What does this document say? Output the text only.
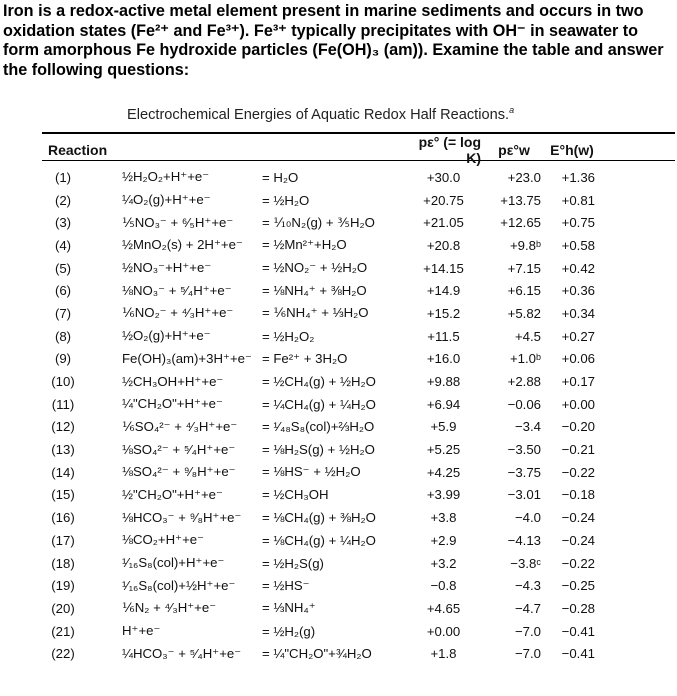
Iron is a redox-active metal element present in marine sediments and occurs in two oxidation states (Fe²⁺ and Fe³⁺). Fe³⁺ typically precipitates with OH⁻ in seawater to form amorphous Fe hydroxide particles (Fe(OH)₃ (am)). Examine the table and answer the following questions:

Electrochemical Energies of Aquatic Redox Half Reactions.$^a$
Reaction			pε° (= log K)	pε°w	E°h(w)
(1)	½H₂O₂+H⁺+e⁻	= H₂O	+30.0	+23.0	+1.36
(2)	¼O₂(g)+H⁺+e⁻	= ½H₂O	+20.75	+13.75	+0.81
(3)	⅕NO₃⁻ + ⁶⁄₅H⁺+e⁻	= ⅒N₂(g) + ⅗H₂O	+21.05	+12.65	+0.75
(4)	½MnO₂(s) + 2H⁺+e⁻	= ½Mn²⁺+H₂O	+20.8	+9.8ᵇ	+0.58
(5)	½NO₃⁻+H⁺+e⁻	= ½NO₂⁻ + ½H₂O	+14.15	+7.15	+0.42
(6)	⅛NO₃⁻ + ⁵⁄₄H⁺+e⁻	= ⅛NH₄⁺ + ⅜H₂O	+14.9	+6.15	+0.36
(7)	⅙NO₂⁻ + ⁴⁄₃H⁺+e⁻	= ⅙NH₄⁺ + ⅓H₂O	+15.2	+5.82	+0.34
(8)	½O₂(g)+H⁺+e⁻	= ½H₂O₂	+11.5	+4.5	+0.27
(9)	Fe(OH)₃(am)+3H⁺+e⁻	= Fe²⁺ + 3H₂O	+16.0	+1.0ᵇ	+0.06
(10)	½CH₃OH+H⁺+e⁻	= ½CH₄(g) + ½H₂O	+9.88	+2.88	+0.17
(11)	¼"CH₂O"+H⁺+e⁻	= ¼CH₄(g) + ¼H₂O	+6.94	−0.06	+0.00
(12)	⅙SO₄²⁻ + ⁴⁄₃H⁺+e⁻	= ¹⁄₄₈S₈(col)+⅔H₂O	+5.9	−3.4	−0.20
(13)	⅛SO₄²⁻ + ⁵⁄₄H⁺+e⁻	= ⅛H₂S(g) + ½H₂O	+5.25	−3.50	−0.21
(14)	⅛SO₄²⁻ + ⁹⁄₈H⁺+e⁻	= ⅛HS⁻ + ½H₂O	+4.25	−3.75	−0.22
(15)	½"CH₂O"+H⁺+e⁻	= ½CH₃OH	+3.99	−3.01	−0.18
(16)	⅛HCO₃⁻ + ⁹⁄₈H⁺+e⁻	= ⅛CH₄(g) + ⅜H₂O	+3.8	−4.0	−0.24
(17)	⅛CO₂+H⁺+e⁻	= ⅛CH₄(g) + ¼H₂O	+2.9	−4.13	−0.24
(18)	¹⁄₁₆S₈(col)+H⁺+e⁻	= ½H₂S(g)	+3.2	−3.8ᶜ	−0.22
(19)	¹⁄₁₆S₈(col)+½H⁺+e⁻	= ½HS⁻	−0.8	−4.3	−0.25
(20)	⅙N₂ + ⁴⁄₃H⁺+e⁻	= ⅓NH₄⁺	+4.65	−4.7	−0.28
(21)	H⁺+e⁻	= ½H₂(g)	+0.00	−7.0	−0.41
(22)	¼HCO₃⁻ + ⁵⁄₄H⁺+e⁻	= ¼"CH₂O"+¾H₂O	+1.8	−7.0	−0.41
